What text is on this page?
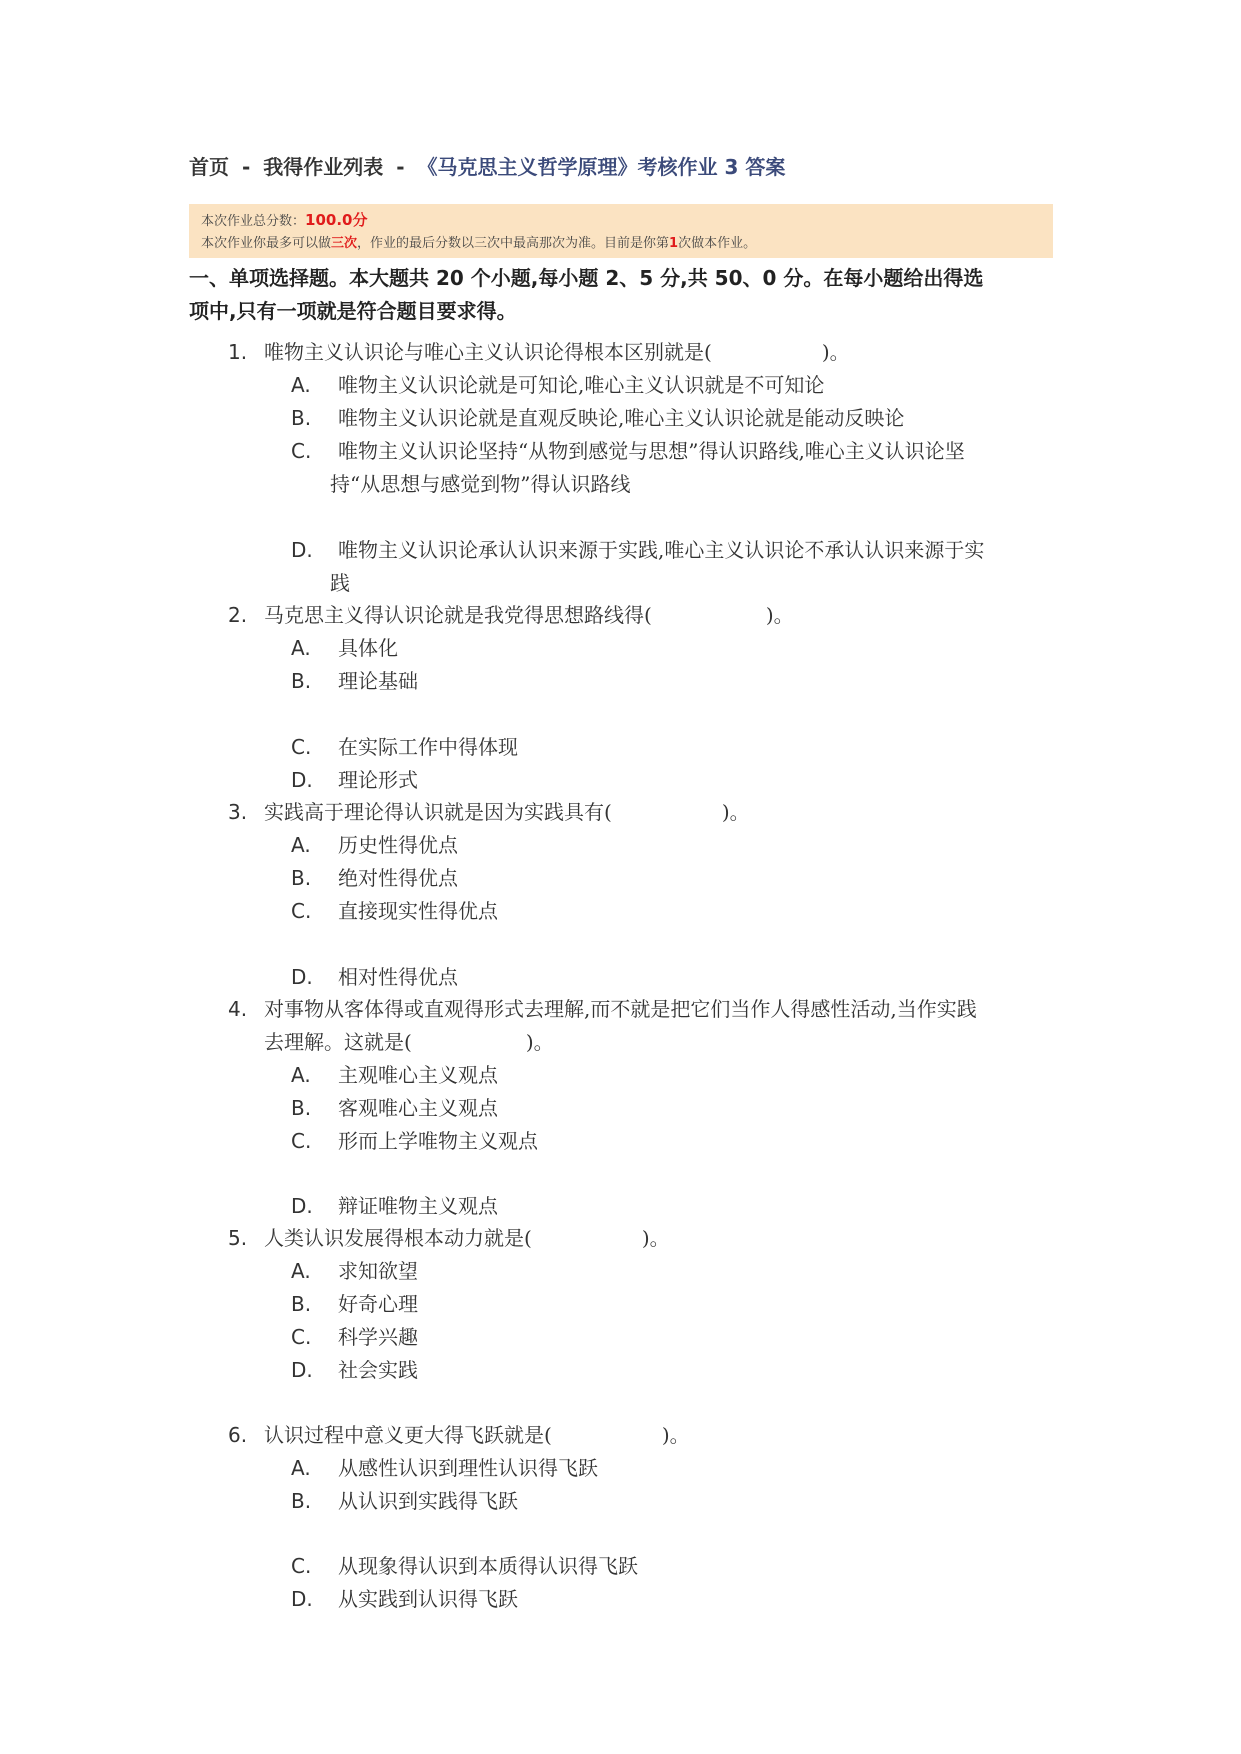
首页 - 我得作业列表 - 《马克思主义哲学原理》考核作业 3 答案
本次作业总分数：100.0分
本次作业你最多可以做三次，作业的最后分数以三次中最高那次为准。目前是你第1次做本作业。
一、单项选择题。本大题共 20 个小题,每小题 2、5 分,共 50、0 分。在每小题给出得选
项中,只有一项就是符合题目要求得。
1. 唯物主义认识论与唯心主义认识论得根本区别就是(	)。
A. 唯物主义认识论就是可知论,唯心主义认识就是不可知论
B. 唯物主义认识论就是直观反映论,唯心主义认识论就是能动反映论
C. 唯物主义认识论坚持“从物到感觉与思想”得认识路线,唯心主义认识论坚
持“从思想与感觉到物”得认识路线
D. 唯物主义认识论承认认识来源于实践,唯心主义认识论不承认认识来源于实
践
2. 马克思主义得认识论就是我党得思想路线得(	)。
A. 具体化
B. 理论基础
C. 在实际工作中得体现
D. 理论形式
3. 实践高于理论得认识就是因为实践具有(	)。
A. 历史性得优点
B. 绝对性得优点
C. 直接现实性得优点
D. 相对性得优点
4. 对事物从客体得或直观得形式去理解,而不就是把它们当作人得感性活动,当作实践
去理解。这就是(	)。
A. 主观唯心主义观点
B. 客观唯心主义观点
C. 形而上学唯物主义观点
D. 辩证唯物主义观点
5. 人类认识发展得根本动力就是(	)。
A. 求知欲望
B. 好奇心理
C. 科学兴趣
D. 社会实践
6. 认识过程中意义更大得飞跃就是(	)。
A. 从感性认识到理性认识得飞跃
B. 从认识到实践得飞跃
C. 从现象得认识到本质得认识得飞跃
D. 从实践到认识得飞跃
